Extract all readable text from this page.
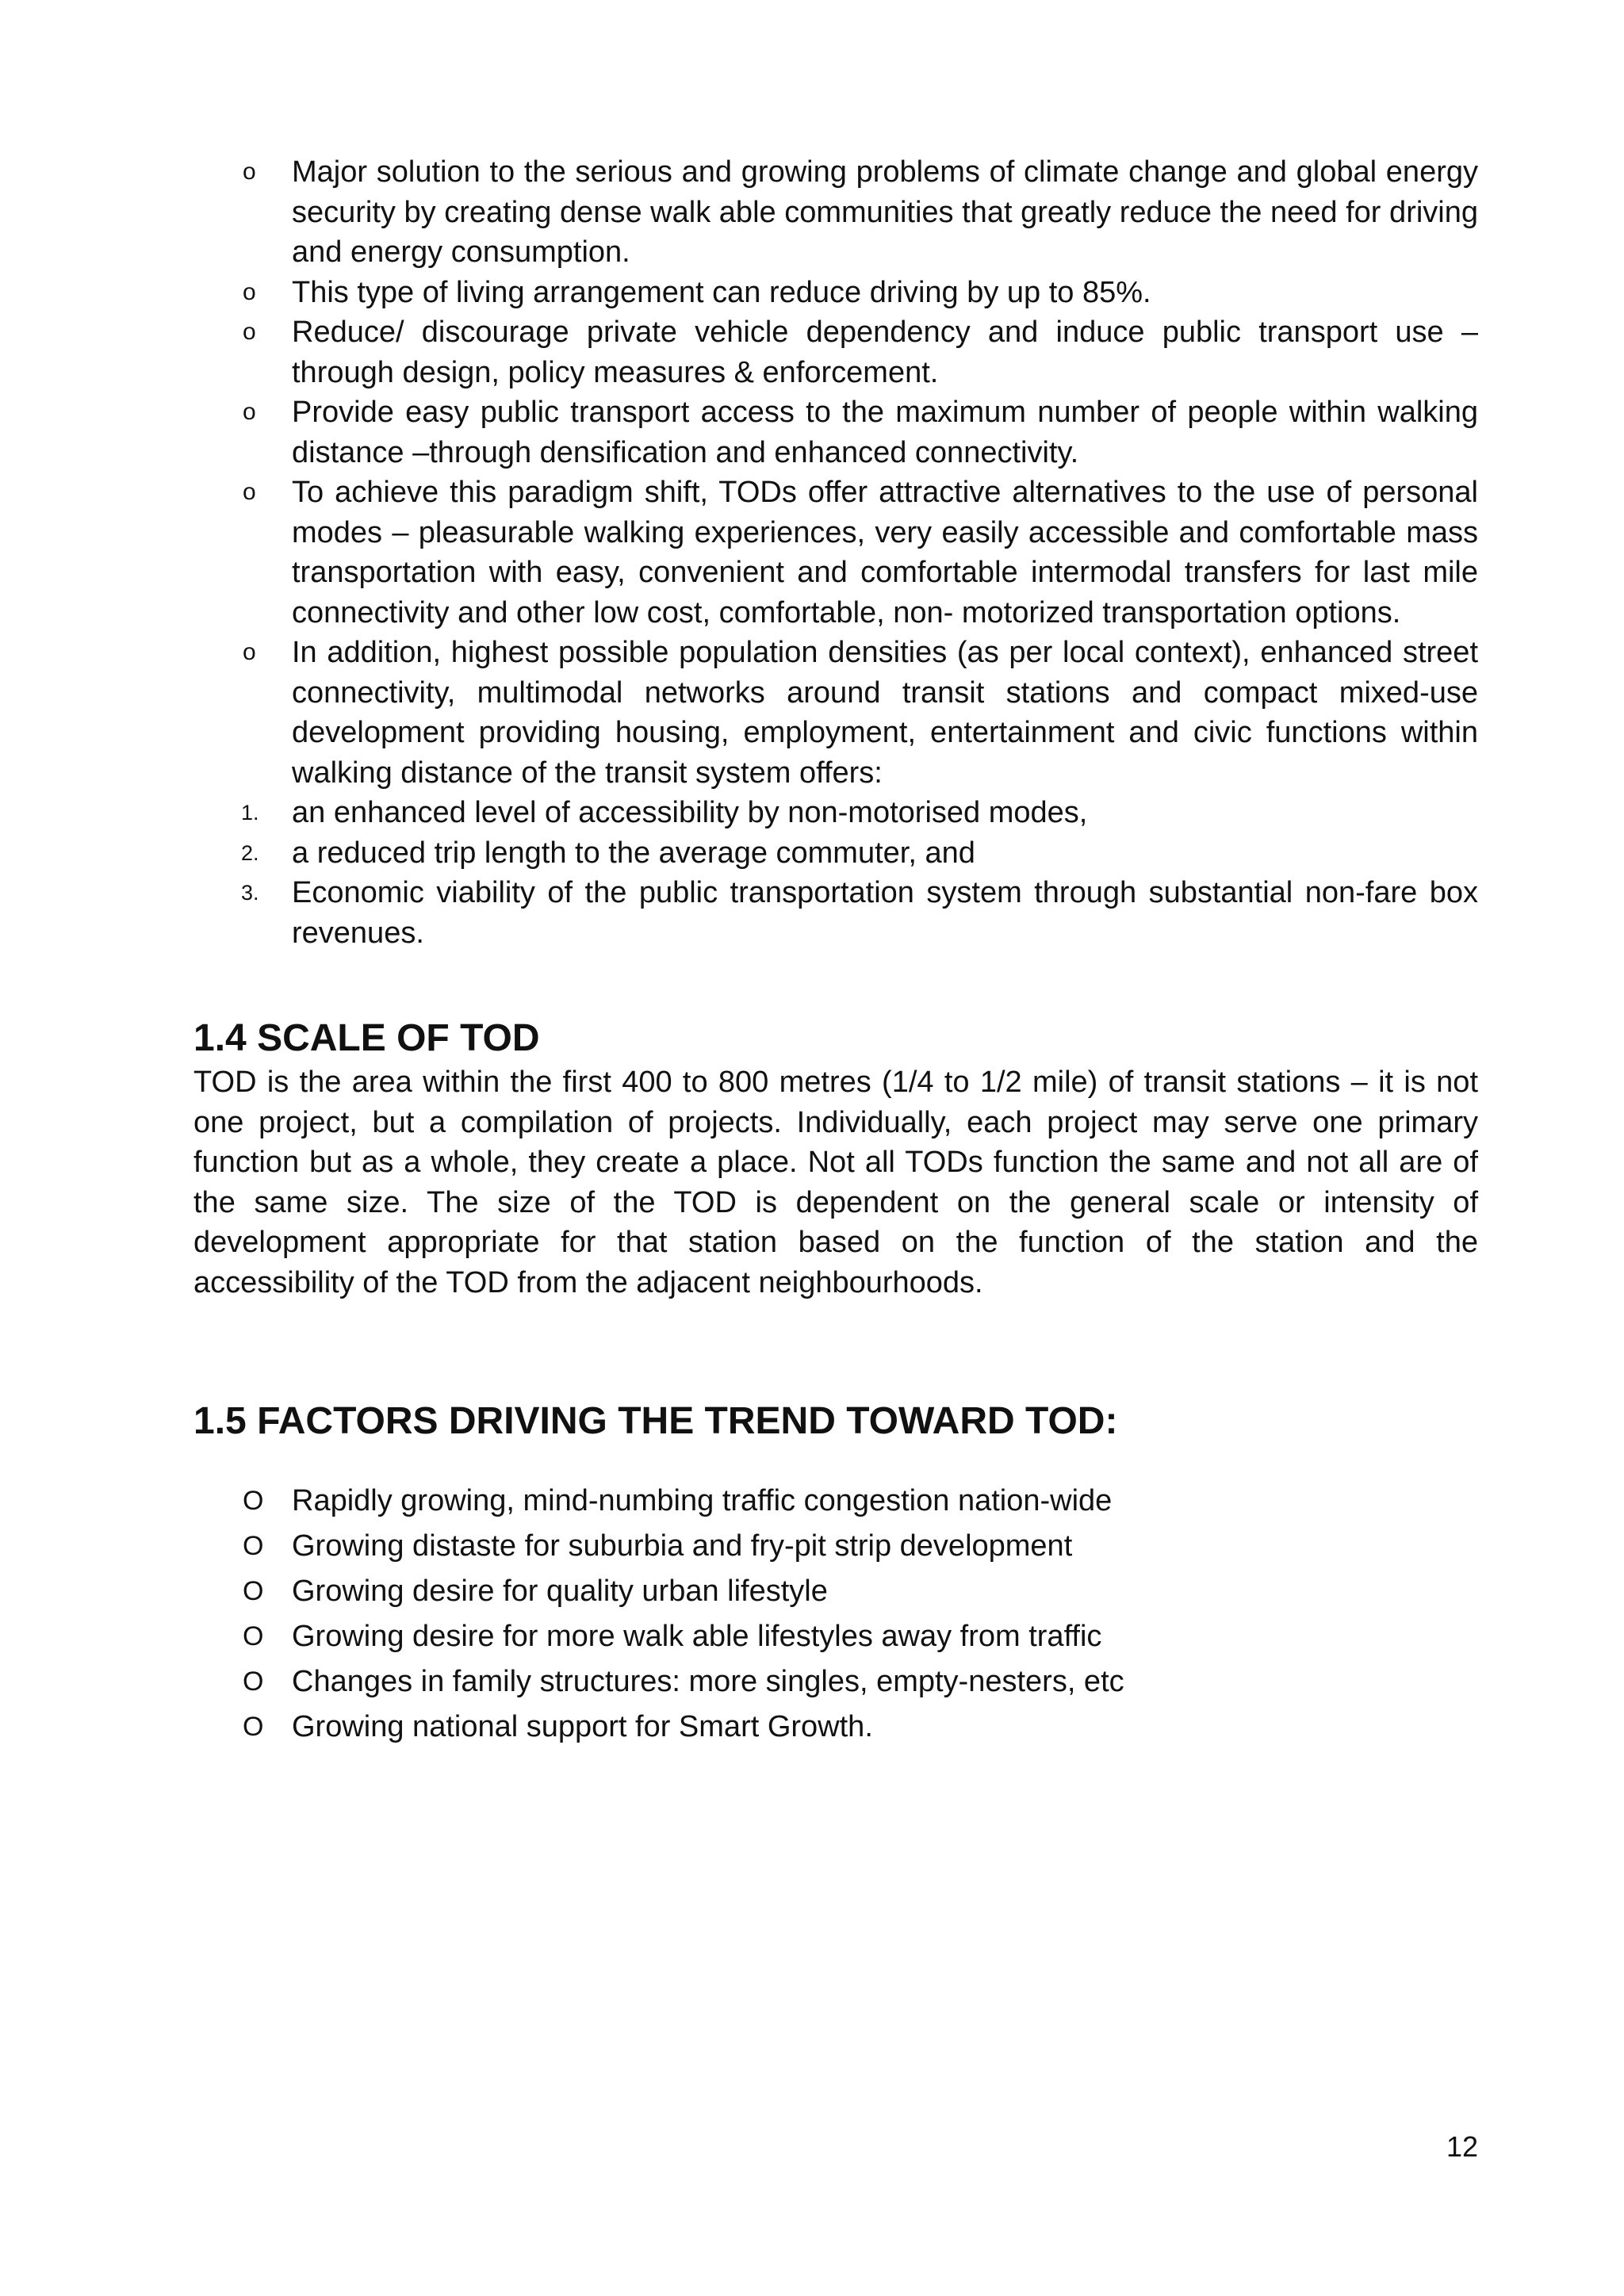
o Major solution to the serious and growing problems of climate change and global energy security by creating dense walk able communities that greatly reduce the need for driving and energy consumption.
o This type of living arrangement can reduce driving by up to 85%.
o Reduce/ discourage private vehicle dependency and induce public transport use – through design, policy measures & enforcement.
o Provide easy public transport access to the maximum number of people within walking distance –through densification and enhanced connectivity.
o To achieve this paradigm shift, TODs offer attractive alternatives to the use of personal modes – pleasurable walking experiences, very easily accessible and comfortable mass transportation with easy, convenient and comfortable intermodal transfers for last mile connectivity and other low cost, comfortable, non- motorized transportation options.
o In addition, highest possible population densities (as per local context), enhanced street connectivity, multimodal networks around transit stations and compact mixed-use development providing housing, employment, entertainment and civic functions within walking distance of the transit system offers:
1. an enhanced level of accessibility by non-motorised modes,
2. a reduced trip length to the average commuter, and
3. Economic viability of the public transportation system through substantial non-fare box revenues.
1.4 SCALE OF TOD

TOD is the area within the first 400 to 800 metres (1/4 to 1/2 mile) of transit stations – it is not one project, but a compilation of projects. Individually, each project may serve one primary function but as a whole, they create a place. Not all TODs function the same and not all are of the same size. The size of the TOD is dependent on the general scale or intensity of development appropriate for that station based on the function of the station and the accessibility of the TOD from the adjacent neighbourhoods.

1.5 FACTORS DRIVING THE TREND TOWARD TOD:
O Rapidly growing, mind-numbing traffic congestion nation-wide
O Growing distaste for suburbia and fry-pit strip development
O Growing desire for quality urban lifestyle
O Growing desire for more walk able lifestyles away from traffic
O Changes in family structures: more singles, empty-nesters, etc
O Growing national support for Smart Growth.
12
